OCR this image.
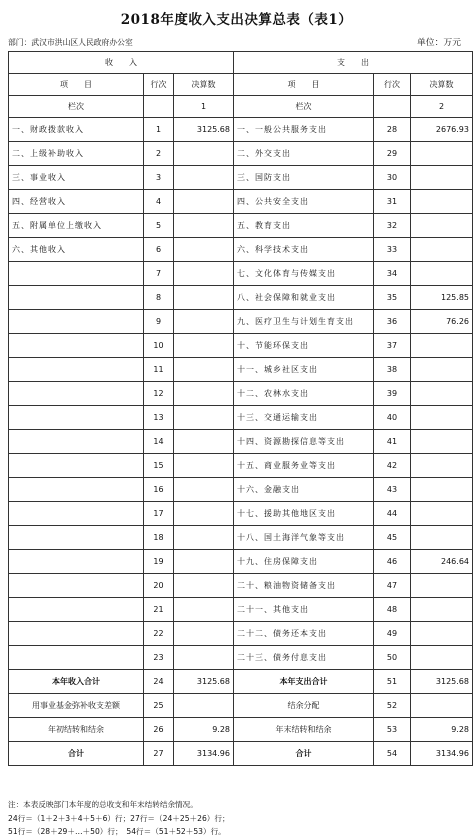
2018年度收入支出决算总表（表1）
部门：武汉市洪山区人民政府办公室	单位：万元
收　　入			支　　出		
项　　目	行次	决算数	项　　目	行次	决算数
栏次		1	栏次		2
一、财政拨款收入	1	3125.68	一、一般公共服务支出	28	2676.93
二、上级补助收入	2		二、外交支出	29	
三、事业收入	3		三、国防支出	30	
四、经营收入	4		四、公共安全支出	31	
五、附属单位上缴收入	5		五、教育支出	32	
六、其他收入	6		六、科学技术支出	33	
	7		七、文化体育与传媒支出	34	
	8		八、社会保障和就业支出	35	125.85
	9		九、医疗卫生与计划生育支出	36	76.26
	10		十、节能环保支出	37	
	11		十一、城乡社区支出	38	
	12		十二、农林水支出	39	
	13		十三、交通运输支出	40	
	14		十四、资源勘探信息等支出	41	
	15		十五、商业服务业等支出	42	
	16		十六、金融支出	43	
	17		十七、援助其他地区支出	44	
	18		十八、国土海洋气象等支出	45	
	19		十九、住房保障支出	46	246.64
	20		二十、粮油物资储备支出	47	
	21		二十一、其他支出	48	
	22		二十二、债务还本支出	49	
	23		二十三、债务付息支出	50	
本年收入合计	24	3125.68	本年支出合计	51	3125.68
用事业基金弥补收支差额	25		结余分配	52	
年初结转和结余	26	9.28	年末结转和结余	53	9.28
合计	27	3134.96	合计	54	3134.96
注：本表反映部门本年度的总收支和年末结转结余情况。
24行＝（1＋2＋3＋4＋5＋6）行；27行＝（24＋25＋26）行；
51行＝（28＋29＋…＋50）行；　54行＝（51＋52＋53）行。
